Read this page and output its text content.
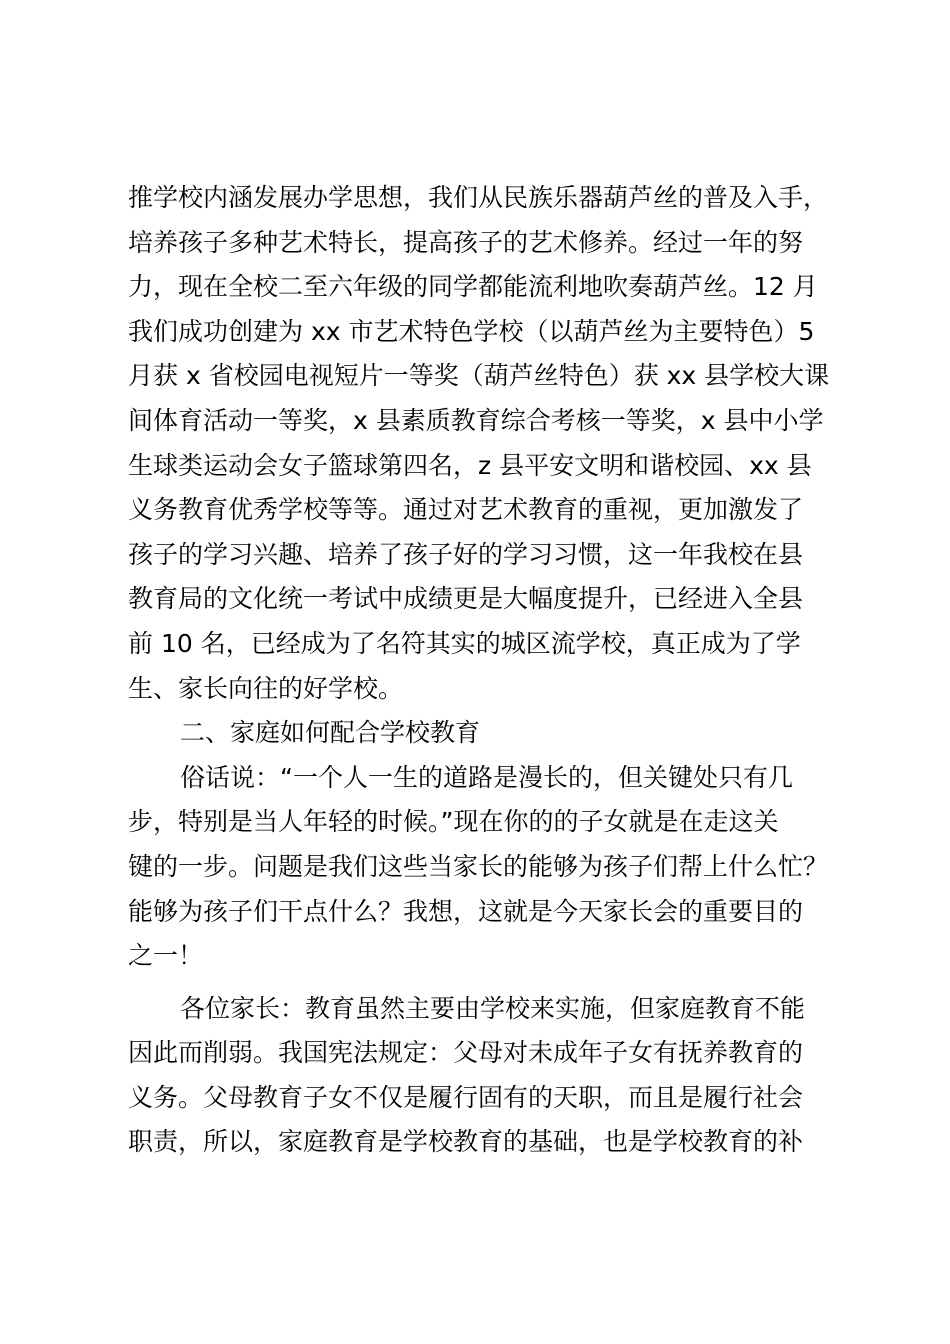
推学校内涵发展办学思想，我们从民族乐器葫芦丝的普及入手，
培养孩子多种艺术特长，提高孩子的艺术修养。经过一年的努
力，现在全校二至六年级的同学都能流利地吹奏葫芦丝。12 月
我们成功创建为 xx 市艺术特色学校（以葫芦丝为主要特色）5
月获 x 省校园电视短片一等奖（葫芦丝特色）获 xx 县学校大课
间体育活动一等奖，x 县素质教育综合考核一等奖，x 县中小学
生球类运动会女子篮球第四名，z 县平安文明和谐校园、xx 县
义务教育优秀学校等等。通过对艺术教育的重视，更加激发了
孩子的学习兴趣、培养了孩子好的学习习惯，这一年我校在县
教育局的文化统一考试中成绩更是大幅度提升，已经进入全县
前 10 名，已经成为了名符其实的城区流学校，真正成为了学
生、家长向往的好学校。
二、家庭如何配合学校教育
俗话说：“一个人一生的道路是漫长的，但关键处只有几
步，特别是当人年轻的时候。”现在你的的子女就是在走这关
键的一步。问题是我们这些当家长的能够为孩子们帮上什么忙？
能够为孩子们干点什么？我想，这就是今天家长会的重要目的
之一！
各位家长：教育虽然主要由学校来实施，但家庭教育不能
因此而削弱。我国宪法规定：父母对未成年子女有抚养教育的
义务。父母教育子女不仅是履行固有的天职，而且是履行社会
职责，所以，家庭教育是学校教育的基础，也是学校教育的补
